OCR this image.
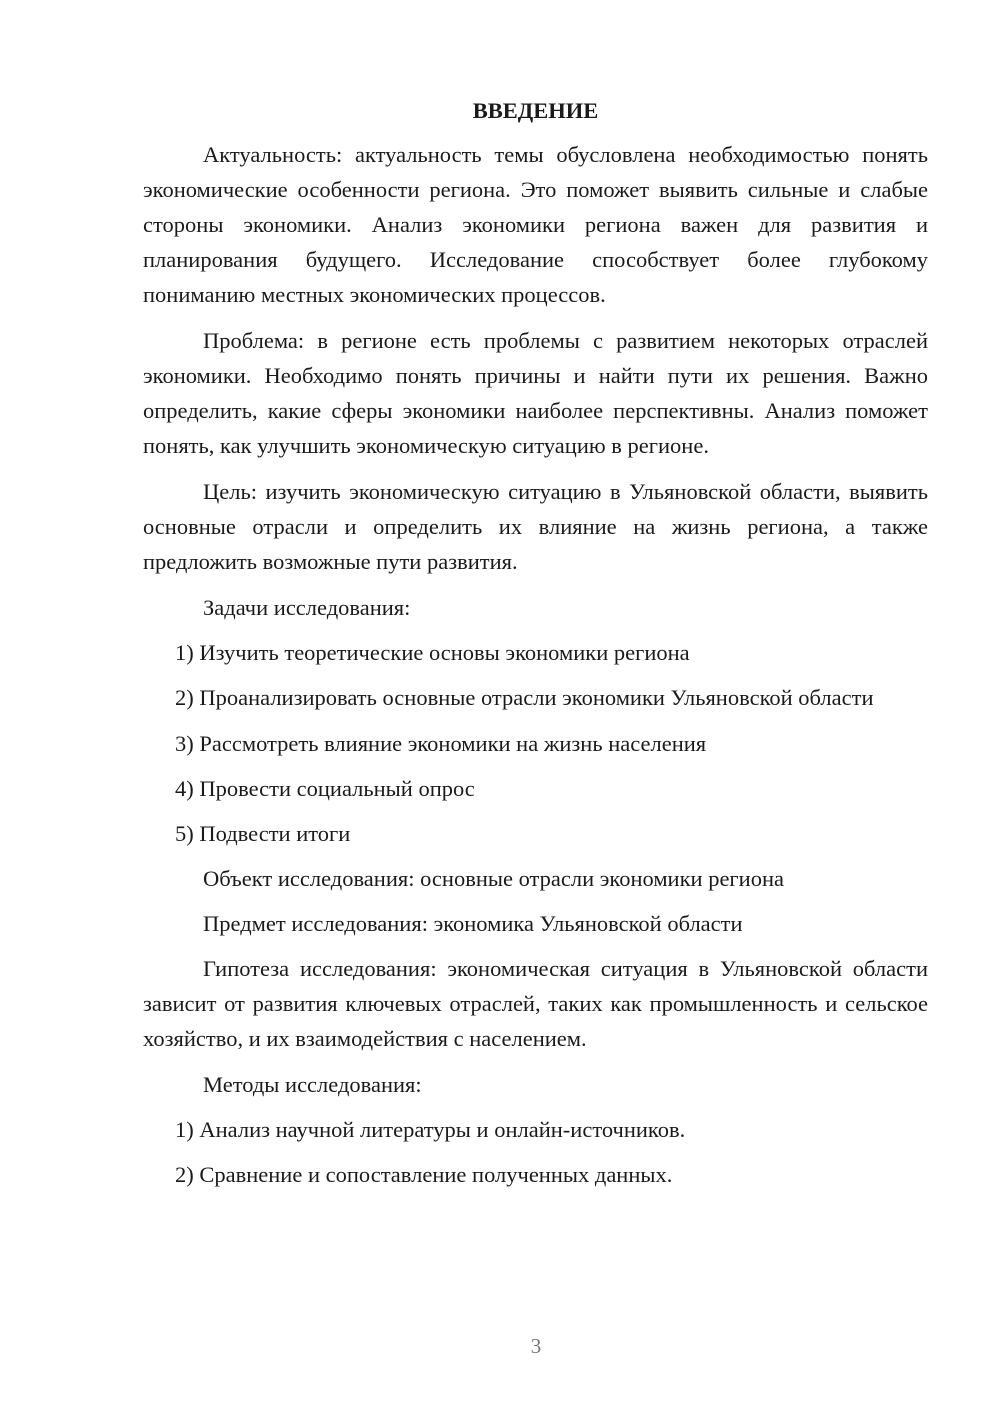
ВВЕДЕНИЕ

Актуальность: актуальность темы обусловлена необходимостью понять экономические особенности региона. Это поможет выявить сильные и слабые стороны экономики. Анализ экономики региона важен для развития и планирования будущего. Исследование способствует более глубокому пониманию местных экономических процессов.

Проблема: в регионе есть проблемы с развитием некоторых отраслей экономики. Необходимо понять причины и найти пути их решения. Важно определить, какие сферы экономики наиболее перспективны. Анализ поможет понять, как улучшить экономическую ситуацию в регионе.

Цель: изучить экономическую ситуацию в Ульяновской области, выявить основные отрасли и определить их влияние на жизнь региона, а также предложить возможные пути развития.

Задачи исследования:
1) Изучить теоретические основы экономики региона
2) Проанализировать основные отрасли экономики Ульяновской области
3) Рассмотреть влияние экономики на жизнь населения
4) Провести социальный опрос
5) Подвести итоги
Объект исследования: основные отрасли экономики региона
Предмет исследования: экономика Ульяновской области

Гипотеза исследования: экономическая ситуация в Ульяновской области зависит от развития ключевых отраслей, таких как промышленность и сельское хозяйство, и их взаимодействия с населением.

Методы исследования:
1) Анализ научной литературы и онлайн-источников.
2) Сравнение и сопоставление полученных данных.
3
